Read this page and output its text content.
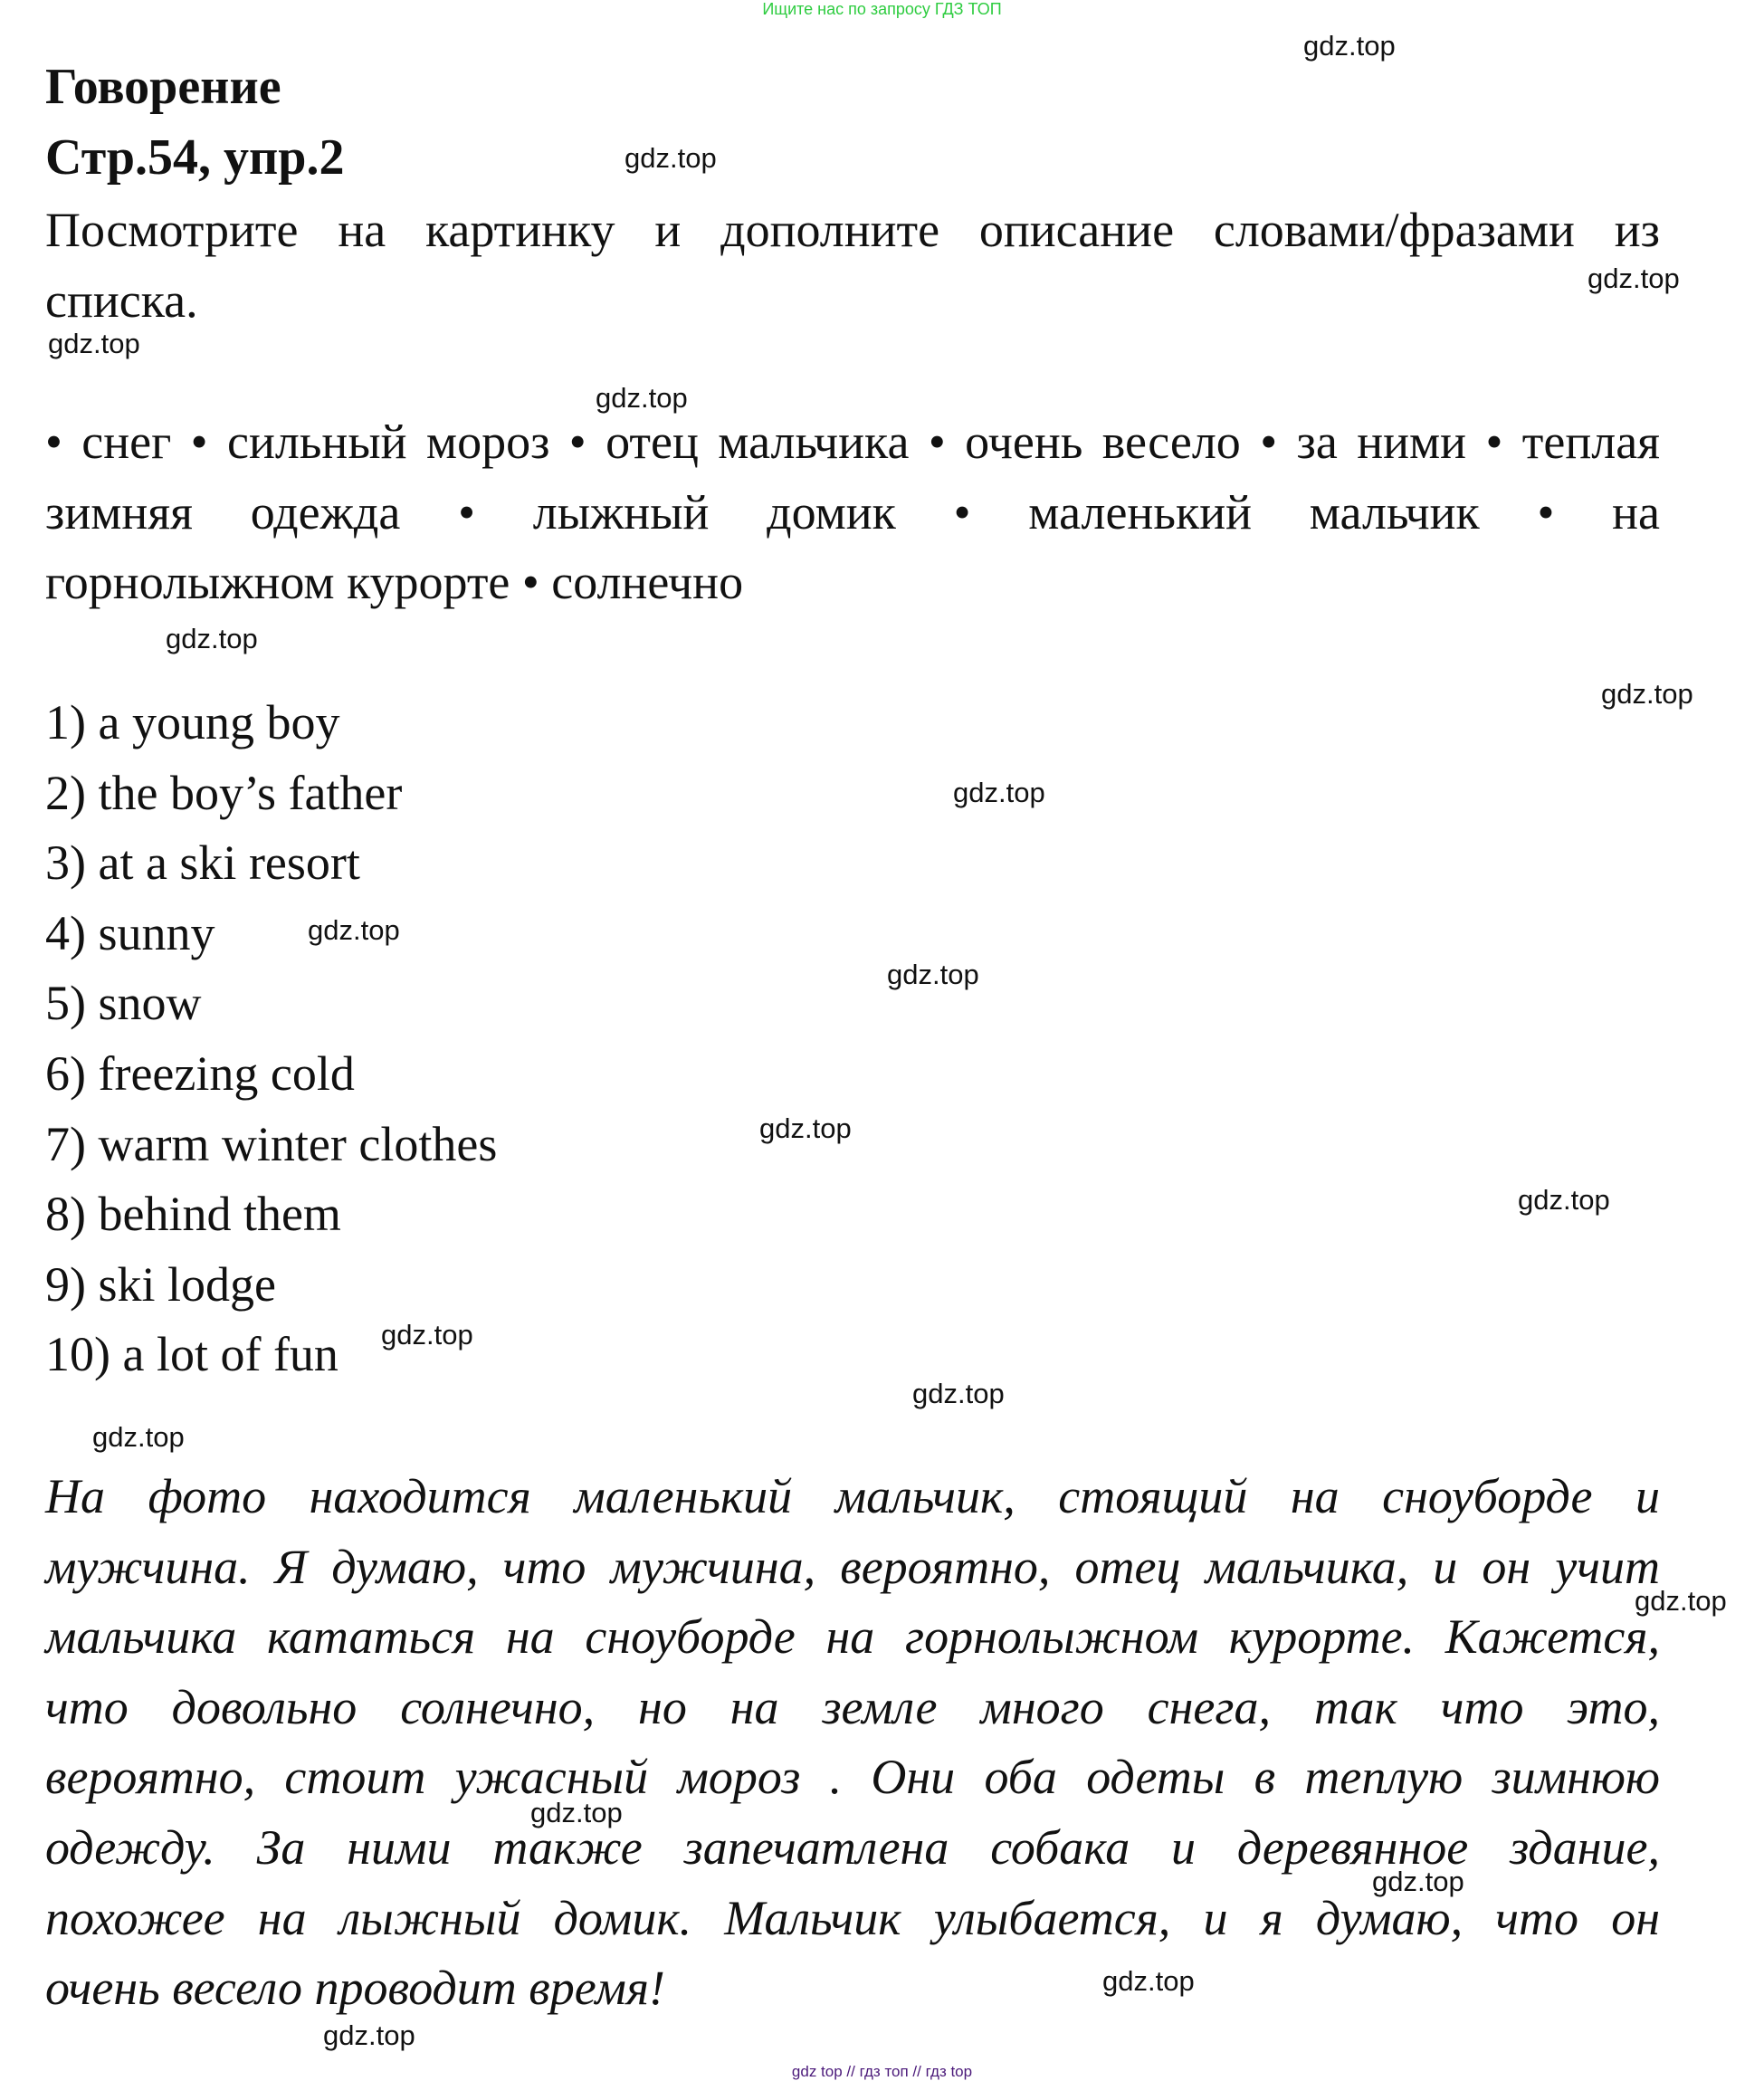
Ищите нас по запросу ГДЗ ТОП
Говорение
Стр.54, упр.2
Посмотрите на картинку и дополните описание словами/фразами из
списка.
• снег • сильный мороз • отец мальчика • очень весело • за ними • теплая
зимняя одежда • лыжный домик • маленький мальчик • на
горнолыжном курорте • солнечно
1) a young boy
2) the boy’s father
3) at a ski resort
4) sunny
5) snow
6) freezing cold
7) warm winter clothes
8) behind them
9) ski lodge
10) a lot of fun
На фото находится маленький мальчик, стоящий на сноуборде и
мужчина. Я думаю, что мужчина, вероятно, отец мальчика, и он учит
мальчика кататься на сноуборде на горнолыжном курорте. Кажется,
что довольно солнечно, но на земле много снега, так что это,
вероятно, стоит ужасный мороз . Они оба одеты в теплую зимнюю
одежду. За ними также запечатлена собака и деревянное здание,
похожее на лыжный домик. Мальчик улыбается, и я думаю, что он
очень весело проводит время!
gdz.top
gdz.top
gdz.top
gdz.top
gdz.top
gdz.top
gdz.top
gdz.top
gdz.top
gdz.top
gdz.top
gdz.top
gdz.top
gdz.top
gdz.top
gdz.top
gdz.top
gdz.top
gdz.top
gdz.top
gdz top // гдз топ // гдз top
